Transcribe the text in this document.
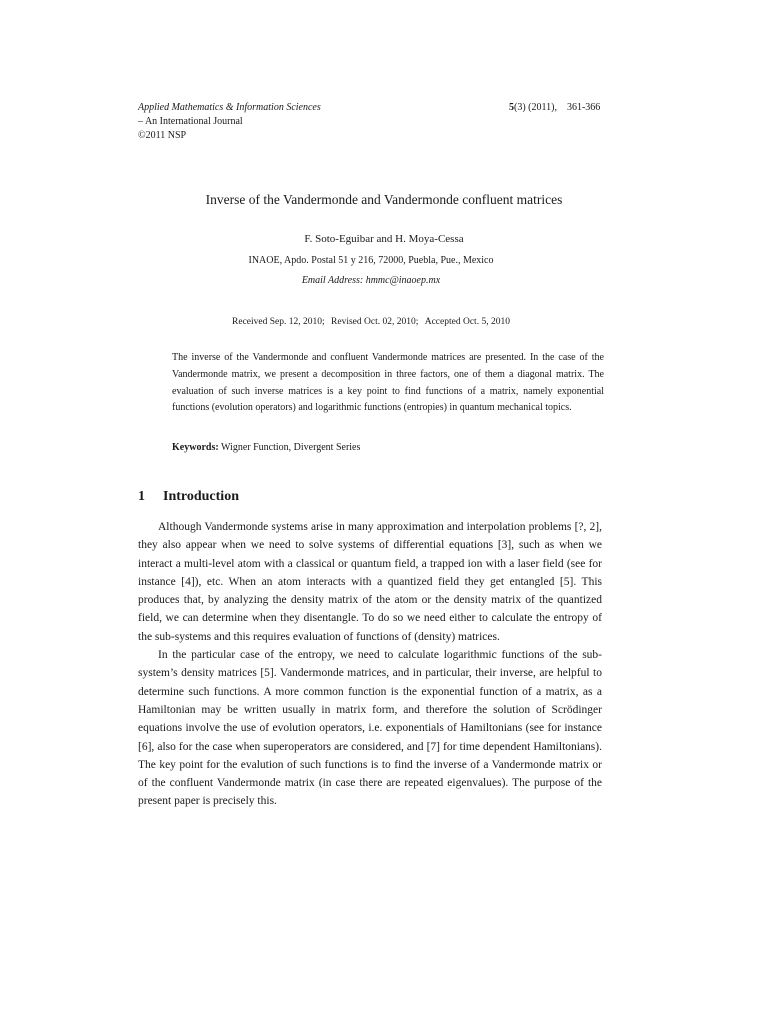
Applied Mathematics & Information Sciences
– An International Journal
©2011 NSP
5(3) (2011), 361-366
Inverse of the Vandermonde and Vandermonde confluent matrices
F. Soto-Eguibar and H. Moya-Cessa
INAOE, Apdo. Postal 51 y 216, 72000, Puebla, Pue., Mexico
Email Address: hmmc@inaoep.mx
Received Sep. 12, 2010; Revised Oct. 02, 2010; Accepted Oct. 5, 2010
The inverse of the Vandermonde and confluent Vandermonde matrices are presented. In the case of the Vandermonde matrix, we present a decomposition in three factors, one of them a diagonal matrix. The evaluation of such inverse matrices is a key point to find functions of a matrix, namely exponential functions (evolution operators) and logarithmic functions (entropies) in quantum mechanical topics.
Keywords: Wigner Function, Divergent Series
1 Introduction

Although Vandermonde systems arise in many approximation and interpolation problems [?, 2], they also appear when we need to solve systems of differential equations [3], such as when we interact a multi-level atom with a classical or quantum field, a trapped ion with a laser field (see for instance [4]), etc. When an atom interacts with a quantized field they get entangled [5]. This produces that, by analyzing the density matrix of the atom or the density matrix of the quantized field, we can determine when they disentangle. To do so we need either to calculate the entropy of the sub-systems and this requires evaluation of functions of (density) matrices.

In the particular case of the entropy, we need to calculate logarithmic functions of the sub-system’s density matrices [5]. Vandermonde matrices, and in particular, their inverse, are helpful to determine such functions. A more common function is the exponential function of a matrix, as a Hamiltonian may be written usually in matrix form, and therefore the solution of Scrödinger equations involve the use of evolution operators, i.e. exponentials of Hamiltonians (see for instance [6], also for the case when superoperators are considered, and [7] for time dependent Hamiltonians). The key point for the evalution of such functions is to find the inverse of a Vandermonde matrix or of the confluent Vandermonde matrix (in case there are repeated eigenvalues). The purpose of the present paper is precisely this.
